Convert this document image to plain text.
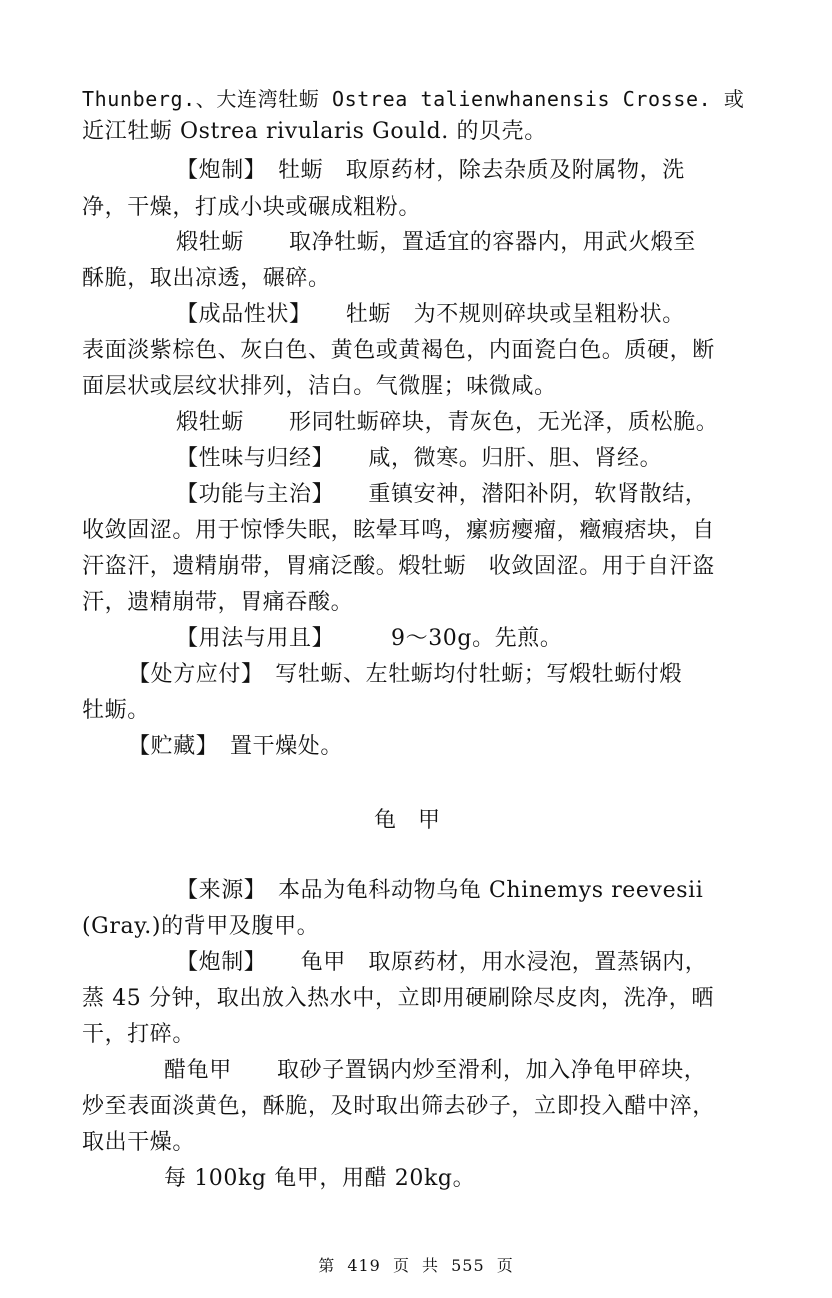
Thunberg.、大连湾牡蛎 Ostrea talienwhanensis Crosse. 或
近江牡蛎 Ostrea rivularis Gould. 的贝壳。
【炮制】　牡蛎　取原药材，除去杂质及附属物，洗
净，干燥，打成小块或碾成粗粉。
煅牡蛎　　取净牡蛎，置适宜的容器内，用武火煅至
酥脆，取出凉透，碾碎。
【成品性状】　　牡蛎　为不规则碎块或呈粗粉状。
表面淡紫棕色、灰白色、黄色或黄褐色，内面瓷白色。质硬，断
面层状或层纹状排列，洁白。气微腥；味微咸。
煅牡蛎　　形同牡蛎碎块，青灰色，无光泽，质松脆。
【性味与归经】　　咸，微寒。归肝、胆、肾经。
【功能与主治】　　重镇安神，潜阳补阴，软肾散结，
收敛固涩。用于惊悸失眠，眩晕耳鸣，瘰疬瘿瘤，癥瘕痞块，自
汗盗汗，遗精崩带，胃痛泛酸。煅牡蛎　收敛固涩。用于自汗盗
汗，遗精崩带，胃痛吞酸。
【用法与用且】　　　9～30g。先煎。
【处方应付】　写牡蛎、左牡蛎均付牡蛎；写煅牡蛎付煅
牡蛎。
【贮藏】　置干燥处。
龟　甲
【来源】　本品为龟科动物乌龟 Chinemys reevesii
(Gray.)的背甲及腹甲。
【炮制】　　龟甲　取原药材，用水浸泡，置蒸锅内，
蒸 45 分钟，取出放入热水中，立即用硬刷除尽皮肉，洗净，晒
干，打碎。
醋龟甲　　取砂子置锅内炒至滑利，加入净龟甲碎块，
炒至表面淡黄色，酥脆，及时取出筛去砂子，立即投入醋中淬，
取出干燥。
每 100kg 龟甲，用醋 20kg。
第 419 页 共 555 页
